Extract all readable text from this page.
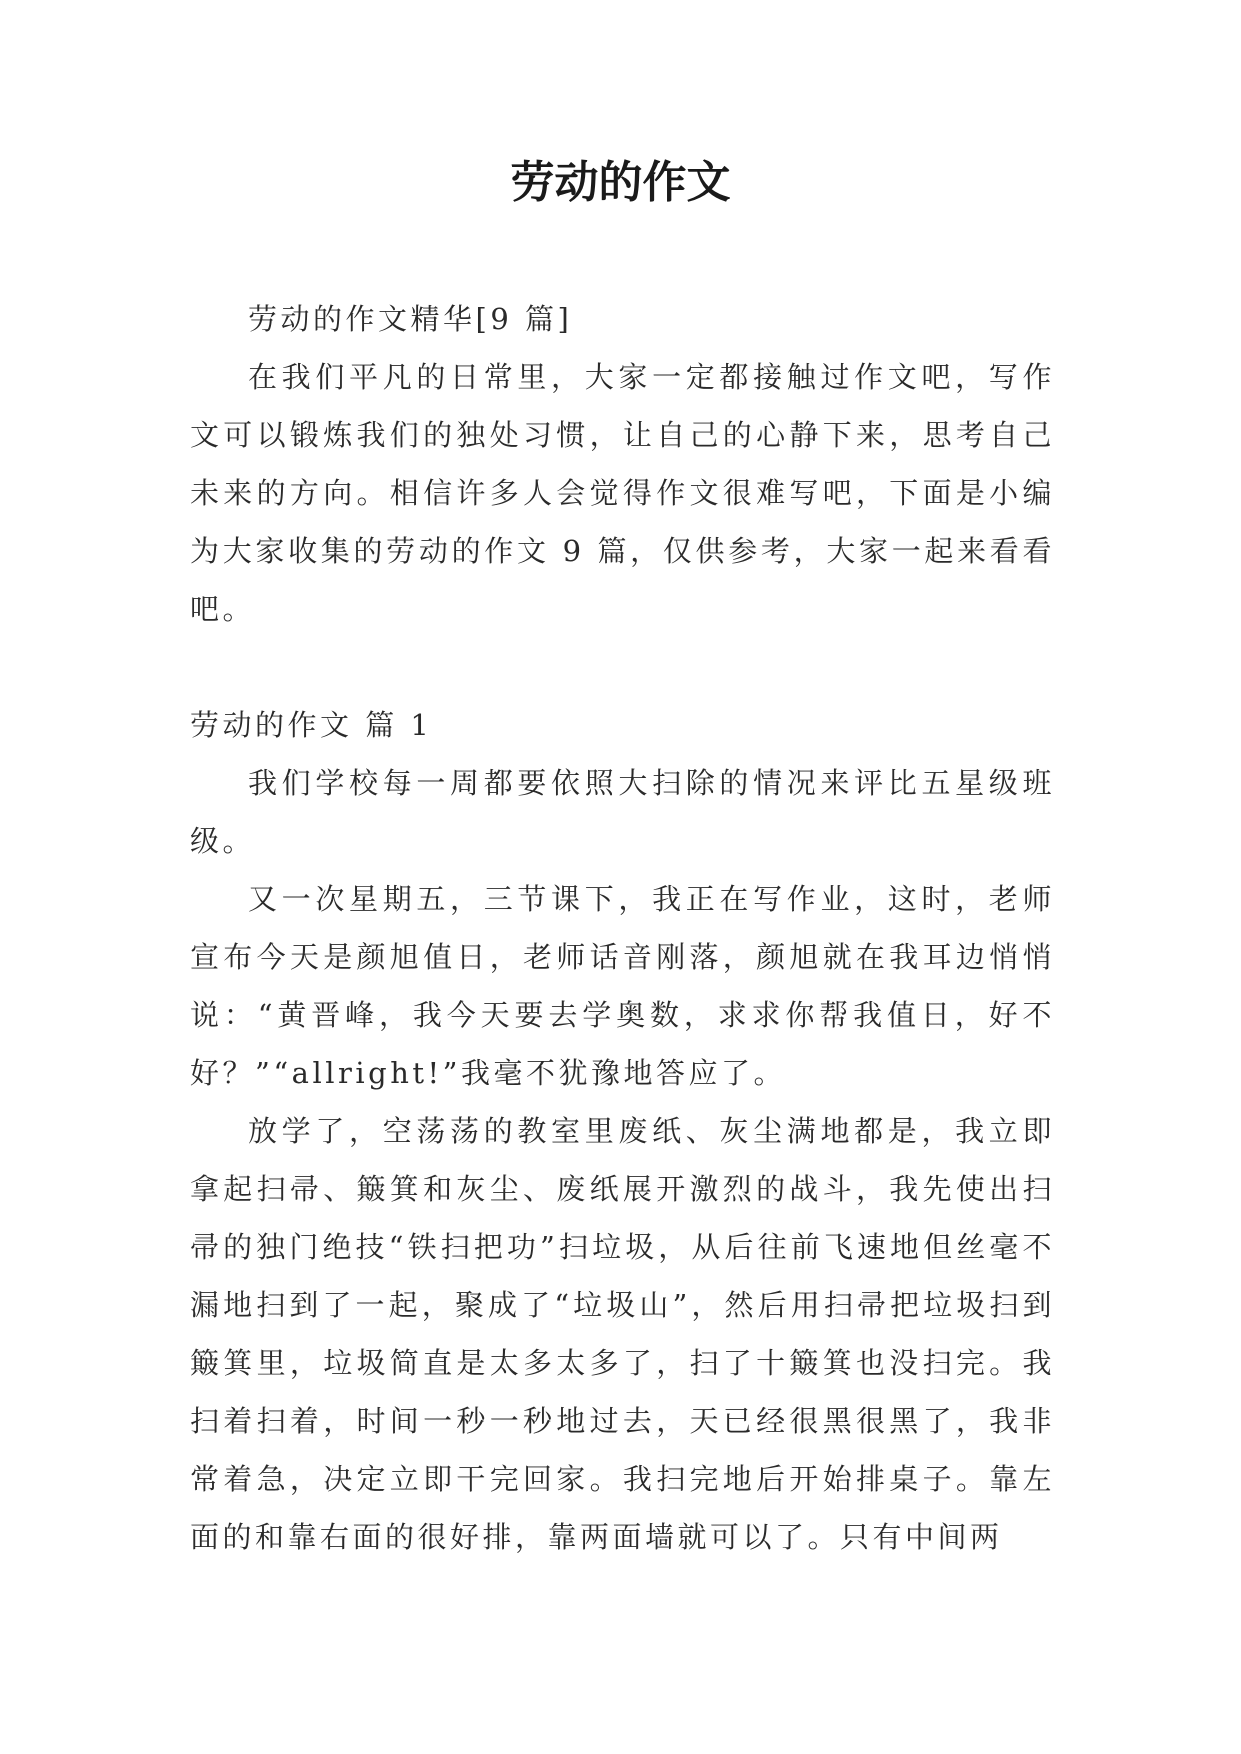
劳动的作文

劳动的作文精华[9 篇]

在我们平凡的日常里，大家一定都接触过作文吧，写作文可以锻炼我们的独处习惯，让自己的心静下来，思考自己未来的方向。相信许多人会觉得作文很难写吧，下面是小编为大家收集的劳动的作文 9 篇，仅供参考，大家一起来看看吧。

劳动的作文 篇 1

我们学校每一周都要依照大扫除的情况来评比五星级班级。

又一次星期五，三节课下，我正在写作业，这时，老师宣布今天是颜旭值日，老师话音刚落，颜旭就在我耳边悄悄说：“黄晋峰，我今天要去学奥数，求求你帮我值日，好不好？”“allright!”我毫不犹豫地答应了。

放学了，空荡荡的教室里废纸、灰尘满地都是，我立即拿起扫帚、簸箕和灰尘、废纸展开激烈的战斗，我先使出扫帚的独门绝技“铁扫把功”扫垃圾，从后往前飞速地但丝毫不漏地扫到了一起，聚成了“垃圾山”，然后用扫帚把垃圾扫到簸箕里，垃圾简直是太多太多了，扫了十簸箕也没扫完。我扫着扫着，时间一秒一秒地过去，天已经很黑很黑了，我非常着急，决定立即干完回家。我扫完地后开始排桌子。靠左面的和靠右面的很好排，靠两面墙就可以了。只有中间两
